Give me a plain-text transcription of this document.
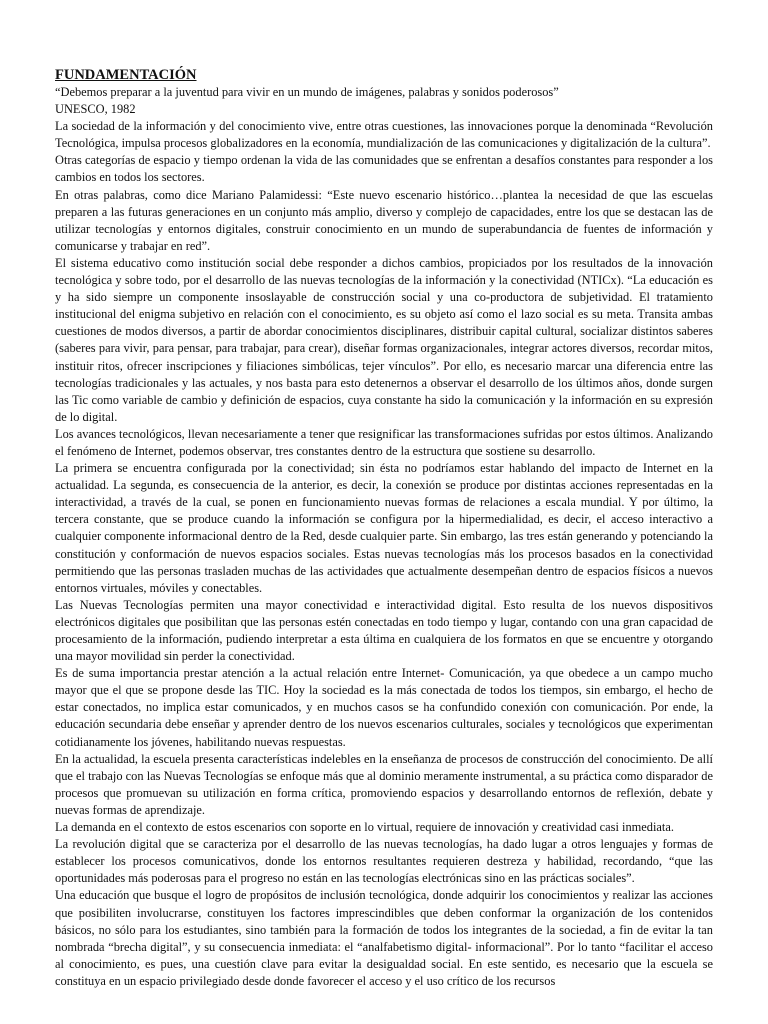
FUNDAMENTACIÓN

“Debemos preparar a la juventud para vivir en un mundo de imágenes, palabras y sonidos poderosos”

UNESCO, 1982

La sociedad de la información y del conocimiento vive, entre otras cuestiones, las innovaciones porque la denominada “Revolución Tecnológica, impulsa procesos globalizadores en la economía, mundialización de las comunicaciones y digitalización de la cultura”.

Otras categorías de espacio y tiempo ordenan la vida de las comunidades que se enfrentan a desafíos constantes para responder a los cambios en todos los sectores.

En otras palabras, como dice Mariano Palamidessi: “Este nuevo escenario histórico…plantea la necesidad de que las escuelas preparen a las futuras generaciones en un conjunto más amplio, diverso y complejo de capacidades, entre los que se destacan las de utilizar tecnologías y entornos digitales, construir conocimiento en un mundo de superabundancia de fuentes de información y comunicarse y trabajar en red”.

El sistema educativo como institución social debe responder a dichos cambios, propiciados por los resultados de la innovación tecnológica y sobre todo, por el desarrollo de las nuevas tecnologías de la información y la conectividad (NTICx). “La educación es y ha sido siempre un componente insoslayable de construcción social y una co-productora de subjetividad. El tratamiento institucional del enigma subjetivo en relación con el conocimiento, es su objeto así como el lazo social es su meta. Transita ambas cuestiones de modos diversos, a partir de abordar conocimientos disciplinares, distribuir capital cultural, socializar distintos saberes (saberes para vivir, para pensar, para trabajar, para crear), diseñar formas organizacionales, integrar actores diversos, recordar mitos, instituir ritos, ofrecer inscripciones y filiaciones simbólicas, tejer vínculos”. Por ello, es necesario marcar una diferencia entre las tecnologías tradicionales y las actuales, y nos basta para esto detenernos a observar el desarrollo de los últimos años, donde surgen las Tic como variable de cambio y definición de espacios, cuya constante ha sido la comunicación y la información en su expresión de lo digital.

Los avances tecnológicos, llevan necesariamente a tener que resignificar las transformaciones sufridas por estos últimos. Analizando el fenómeno de Internet, podemos observar, tres constantes dentro de la estructura que sostiene su desarrollo.

La primera se encuentra configurada por la conectividad; sin ésta no podríamos estar hablando del impacto de Internet en la actualidad. La segunda, es consecuencia de la anterior, es decir, la conexión se produce por distintas acciones representadas en la interactividad, a través de la cual, se ponen en funcionamiento nuevas formas de relaciones a escala mundial. Y por último, la tercera constante, que se produce cuando la información se configura por la hipermedialidad, es decir, el acceso interactivo a cualquier componente informacional dentro de la Red, desde cualquier parte. Sin embargo, las tres están generando y potenciando la constitución y conformación de nuevos espacios sociales. Estas nuevas tecnologías más los procesos basados en la conectividad permitiendo que las personas trasladen muchas de las actividades que actualmente desempeñan dentro de espacios físicos a nuevos entornos virtuales, móviles y conectables.

Las Nuevas Tecnologías permiten una mayor conectividad e interactividad digital. Esto resulta de los nuevos dispositivos electrónicos digitales que posibilitan que las personas estén conectadas en todo tiempo y lugar, contando con una gran capacidad de procesamiento de la información, pudiendo interpretar a esta última en cualquiera de los formatos en que se encuentre y otorgando una mayor movilidad sin perder la conectividad.

Es de suma importancia prestar atención a la actual relación entre Internet- Comunicación, ya que obedece a un campo mucho mayor que el que se propone desde las TIC. Hoy la sociedad es la más conectada de todos los tiempos, sin embargo, el hecho de estar conectados, no implica estar comunicados, y en muchos casos se ha confundido conexión con comunicación. Por ende, la educación secundaria debe enseñar y aprender dentro de los nuevos escenarios culturales, sociales y tecnológicos que experimentan cotidianamente los jóvenes, habilitando nuevas respuestas.

En la actualidad, la escuela presenta características indelebles en la enseñanza de procesos de construcción del conocimiento. De allí que el trabajo con las Nuevas Tecnologías se enfoque más que al dominio meramente instrumental, a su práctica como disparador de procesos que promuevan su utilización en forma crítica, promoviendo espacios y desarrollando entornos de reflexión, debate y nuevas formas de aprendizaje.

La demanda en el contexto de estos escenarios con soporte en lo virtual, requiere de innovación y creatividad casi inmediata.

La revolución digital que se caracteriza por el desarrollo de las nuevas tecnologías, ha dado lugar a otros lenguajes y formas de establecer los procesos comunicativos, donde los entornos resultantes requieren destreza y habilidad, recordando, “que las oportunidades más poderosas para el progreso no están en las tecnologías electrónicas sino en las prácticas sociales”.

Una educación que busque el logro de propósitos de inclusión tecnológica, donde adquirir los conocimientos y realizar las acciones que posibiliten involucrarse, constituyen los factores imprescindibles que deben conformar la organización de los contenidos básicos, no sólo para los estudiantes, sino también para la formación de todos los integrantes de la sociedad, a fin de evitar la tan nombrada “brecha digital”, y su consecuencia inmediata: el “analfabetismo digital- informacional”. Por lo tanto “facilitar el acceso al conocimiento, es pues, una cuestión clave para evitar la desigualdad social. En este sentido, es necesario que la escuela se constituya en un espacio privilegiado desde donde favorecer el acceso y el uso crítico de los recursos
